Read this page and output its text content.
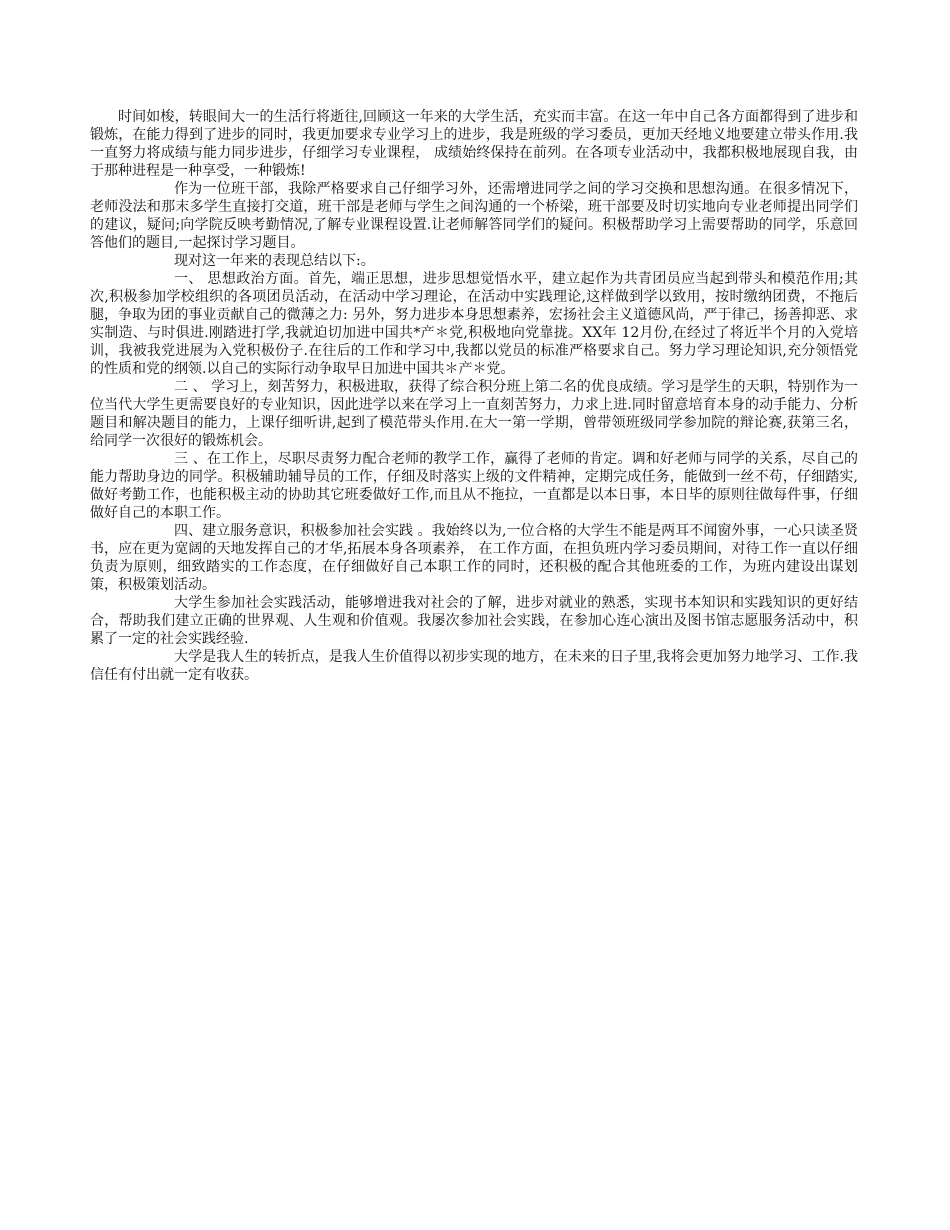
时间如梭，转眼间大一的生活行将逝往,回顾这一年来的大学生活，充实而丰富。在这一年中自己各方面都得到了进步和锻炼，在能力得到了进步的同时，我更加要求专业学习上的进步，我是班级的学习委员，更加天经地义地要建立带头作用.我一直努力将成绩与能力同步进步，仔细学习专业课程， 成绩始终保持在前列。在各项专业活动中，我都积极地展现自我，由于那种进程是一种享受，一种锻炼!

作为一位班干部，我除严格要求自己仔细学习外，还需增进同学之间的学习交换和思想沟通。在很多情况下，老师没法和那末多学生直接打交道，班干部是老师与学生之间沟通的一个桥梁，班干部要及时切实地向专业老师提出同学们的建议，疑问;向学院反映考勤情况,了解专业课程设置.让老师解答同学们的疑问。积极帮助学习上需要帮助的同学，乐意回答他们的题目,一起探讨学习题目。

现对这一年来的表现总结以下:。

一、 思想政治方面。首先，端正思想，进步思想觉悟水平，建立起作为共青团员应当起到带头和模范作用;其次,积极参加学校组织的各项团员活动，在活动中学习理论，在活动中实践理论,这样做到学以致用，按时缴纳团费，不拖后腿，争取为团的事业贡献自己的微薄之力: 另外，努力进步本身思想素养，宏扬社会主义道德风尚，严于律己，扬善抑恶、求实制造、与时俱进.刚踏进打学,我就迫切加进中国共*产＊党,积极地向党靠拢。XX年 12月份,在经过了将近半个月的入党培训，我被我党进展为入党积极份子.在往后的工作和学习中,我都以党员的标准严格要求自己。努力学习理论知识,充分领悟党的性质和党的纲领.以自己的实际行动争取早日加进中国共＊产＊党。

二 、 学习上，刻苦努力，积极进取，获得了综合积分班上第二名的优良成绩。学习是学生的天职，特别作为一位当代大学生更需要良好的专业知识，因此进学以来在学习上一直刻苦努力，力求上进.同时留意培育本身的动手能力、分析题目和解决题目的能力，上课仔细听讲,起到了模范带头作用.在大一第一学期，曾带领班级同学参加院的辩论赛,获第三名，给同学一次很好的锻炼机会。

三 、在工作上，尽职尽责努力配合老师的教学工作，赢得了老师的肯定。调和好老师与同学的关系，尽自己的能力帮助身边的同学。积极辅助辅导员的工作，仔细及时落实上级的文件精神，定期完成任务，能做到一丝不苟，仔细踏实,做好考勤工作，也能积极主动的协助其它班委做好工作,而且从不拖拉，一直都是以本日事，本日毕的原则往做每件事，仔细做好自己的本职工作。

四、建立服务意识，积极参加社会实践 。我始终以为,一位合格的大学生不能是两耳不闻窗外事，一心只读圣贤书，应在更为宽阔的天地发挥自己的才华,拓展本身各项素养， 在工作方面，在担负班内学习委员期间，对待工作一直以仔细负责为原则，细致踏实的工作态度，在仔细做好自己本职工作的同时，还积极的配合其他班委的工作，为班内建设出谋划策，积极策划活动。

大学生参加社会实践活动，能够增进我对社会的了解，进步对就业的熟悉，实现书本知识和实践知识的更好结合，帮助我们建立正确的世界观、人生观和价值观。我屡次参加社会实践，在参加心连心演出及图书馆志愿服务活动中，积累了一定的社会实践经验.

大学是我人生的转折点，是我人生价值得以初步实现的地方，在未来的日子里,我将会更加努力地学习、工作.我信任有付出就一定有收获。
